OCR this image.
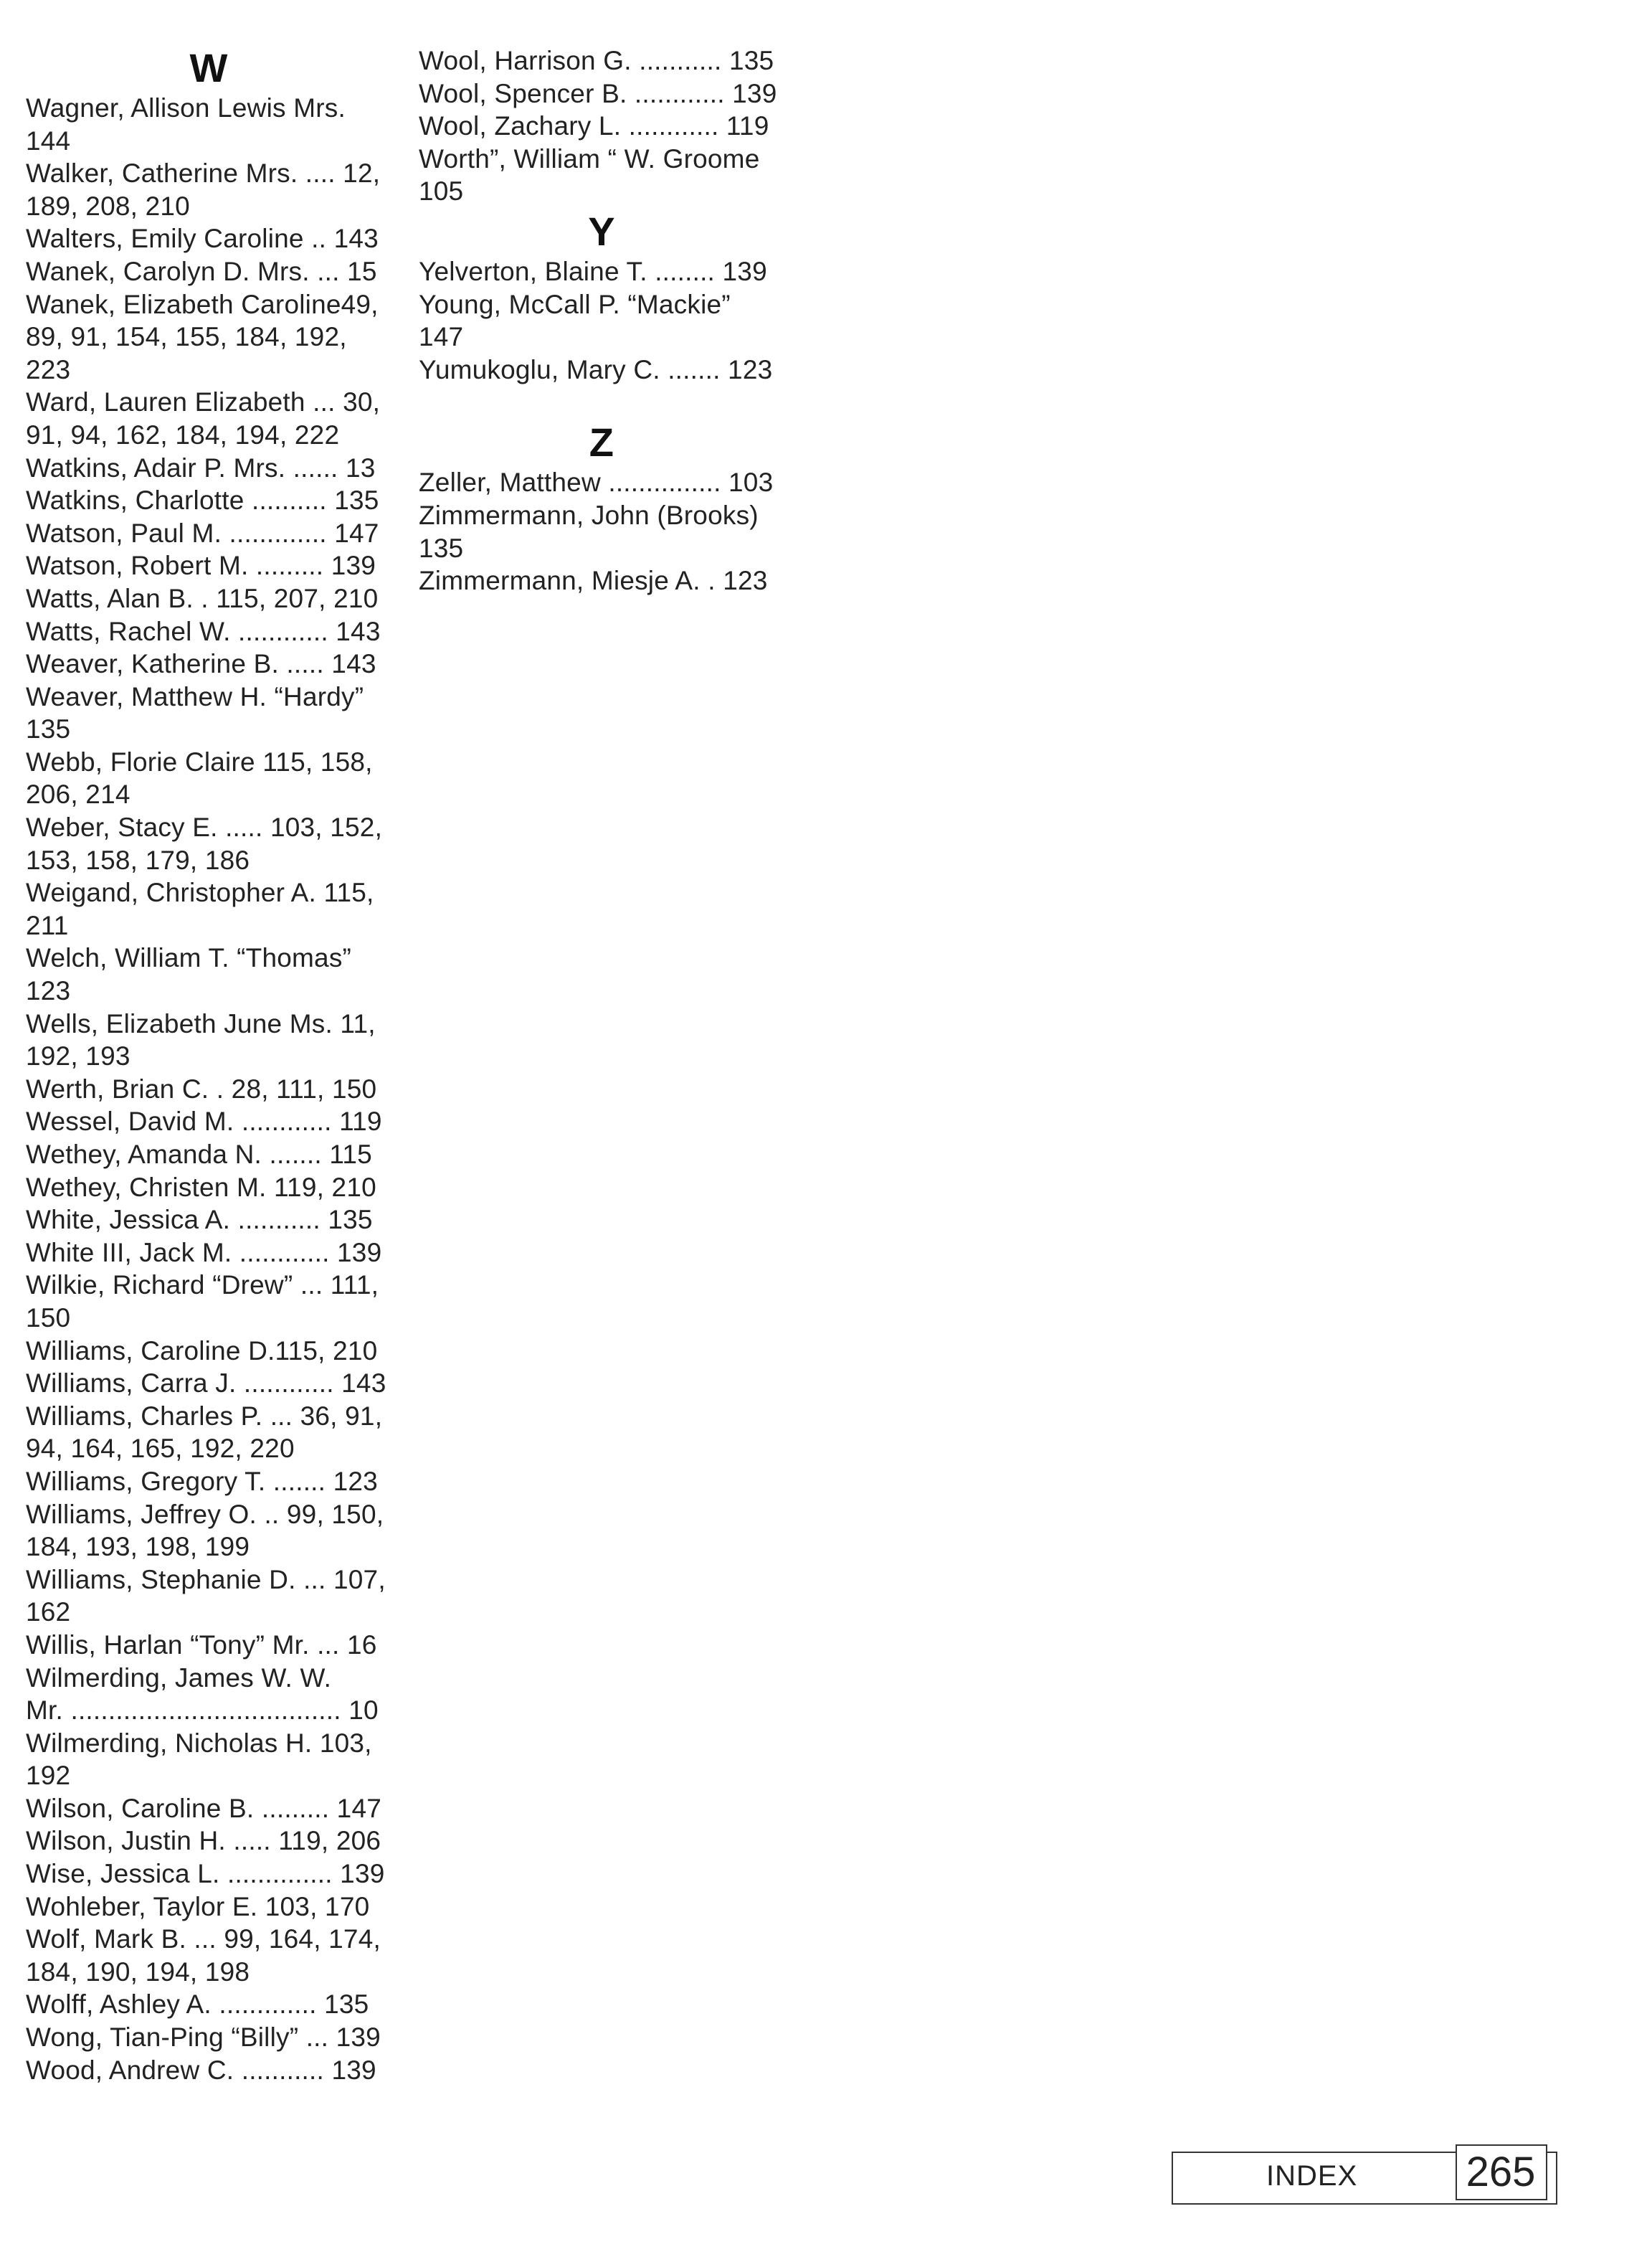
W
Wagner, Allison Lewis Mrs.
144
Walker, Catherine Mrs. .... 12,
189, 208, 210
Walters, Emily Caroline .. 143
Wanek, Carolyn D. Mrs. ... 15
Wanek, Elizabeth Caroline49,
89, 91, 154, 155, 184, 192,
223
Ward, Lauren Elizabeth ... 30,
91, 94, 162, 184, 194, 222
Watkins, Adair P. Mrs. ...... 13
Watkins, Charlotte .......... 135
Watson, Paul M. ............. 147
Watson, Robert M. ......... 139
Watts, Alan B. . 115, 207, 210
Watts, Rachel W. ............ 143
Weaver, Katherine B. ..... 143
Weaver, Matthew H. “Hardy”
135
Webb, Florie Claire 115, 158,
206, 214
Weber, Stacy E. ..... 103, 152,
153, 158, 179, 186
Weigand, Christopher A. 115,
211
Welch, William T. “Thomas”
123
Wells, Elizabeth June Ms. 11,
192, 193
Werth, Brian C. . 28, 111, 150
Wessel, David M. ............ 119
Wethey, Amanda N. ....... 115
Wethey, Christen M. 119, 210
White, Jessica A. ........... 135
White III, Jack M. ............ 139
Wilkie, Richard “Drew” ... 111,
150
Williams, Caroline D.115, 210
Williams, Carra J. ............ 143
Williams, Charles P. ... 36, 91,
94, 164, 165, 192, 220
Williams, Gregory T. ....... 123
Williams, Jeffrey O. .. 99, 150,
184, 193, 198, 199
Williams, Stephanie D. ... 107,
162
Willis, Harlan “Tony” Mr. ... 16
Wilmerding, James W. W.
Mr. .................................... 10
Wilmerding, Nicholas H. 103,
192
Wilson, Caroline B. ......... 147
Wilson, Justin H. ..... 119, 206
Wise, Jessica L. .............. 139
Wohleber, Taylor E. 103, 170
Wolf, Mark B. ... 99, 164, 174,
184, 190, 194, 198
Wolff, Ashley A. ............. 135
Wong, Tian-Ping “Billy” ... 139
Wood, Andrew C. ........... 139
Wool, Harrison G. ........... 135
Wool, Spencer B. ............ 139
Wool, Zachary L. ............ 119
Worth”, William “ W. Groome
105
Y
Yelverton, Blaine T. ........ 139
Young, McCall P. “Mackie”
147
Yumukoglu, Mary C. ....... 123
Z
Zeller, Matthew ............... 103
Zimmermann, John (Brooks)
135
Zimmermann, Miesje A. . 123
INDEX	265
